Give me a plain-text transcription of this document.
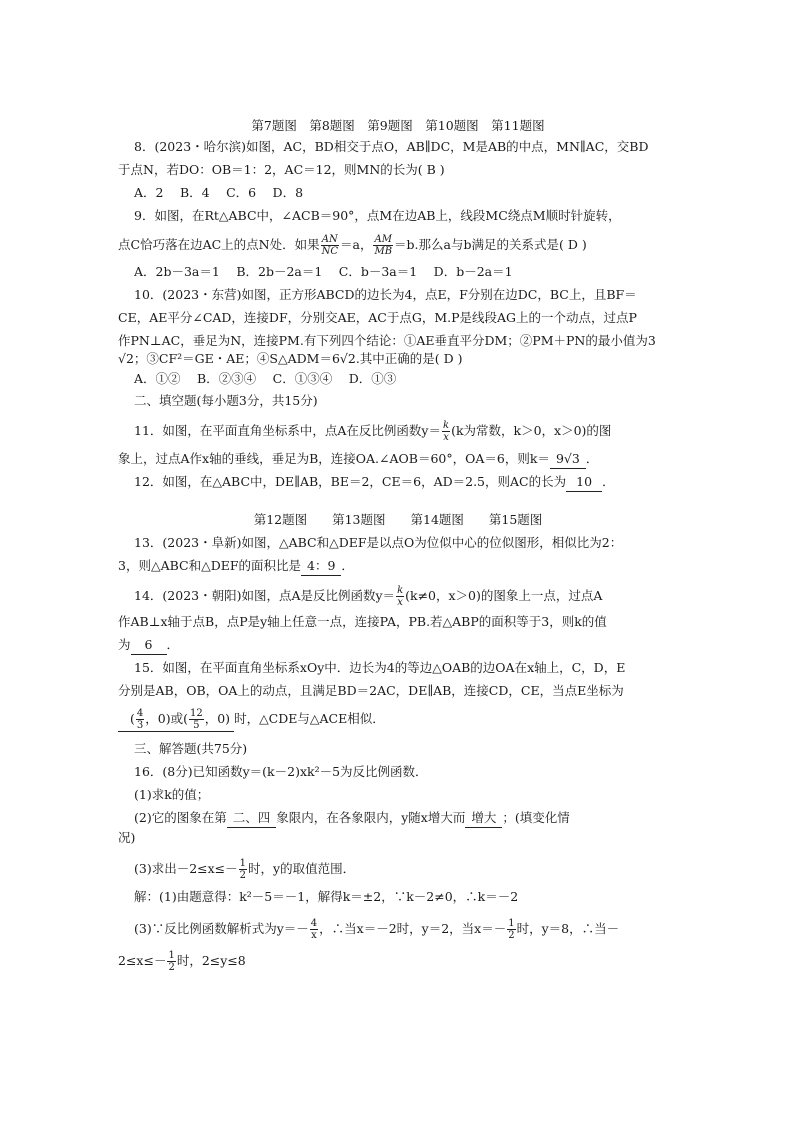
第7题图　第8题图　第9题图　第10题图　第11题图
8．(2023・哈尔滨)如图，AC，BD相交于点O，AB∥DC，M是AB的中点，MN∥AC，交BD
于点N，若DO：OB＝1：2，AC＝12，则MN的长为( B )
A．2　 B．4　 C．6　 D．8
9．如图，在Rt△ABC中，∠ACB＝90°，点M在边AB上，线段MC绕点M顺时针旋转，
点C恰巧落在边AC上的点N处．如果 $\frac{AN}{NC} =a$， $\frac{AM}{MB} =b$.那么a与b满足的关系式是( D )
A．2b－3a＝1　 B．2b－2a＝1　 C．b－3a＝1　 D．b－2a＝1
10．(2023・东营)如图，正方形ABCD的边长为4，点E，F分别在边DC，BC上，且BF＝
CE，AE平分∠CAD，连接DF，分别交AE，AC于点G，M.P是线段AG上的一个动点，过点P
作PN⊥AC，垂足为N，连接PM.有下列四个结论：①AE垂直平分DM；②PM＋PN的最小值为3
√2；③CF²＝GE・AE；④S△ADM＝6√2.其中正确的是( D )
A．①②　 B．②③④　 C．①③④　 D．①③
二、填空题(每小题3分，共15分)
11．如图，在平面直角坐标系中，点A在反比例函数$y= \frac{k}{x} (k$为常数，k＞0，x＞0)的图
象上，过点A作x轴的垂线，垂足为B，连接OA.∠AOB＝60°，OA＝6，则k＝ 9√3 ．
12．如图，在△ABC中，DE∥AB，BE＝2，CE＝6，AD＝2.5，则AC的长为 10 ．
第12题图　　第13题图　　第14题图　　第15题图
13．(2023・阜新)如图，△ABC和△DEF是以点O为位似中心的位似图形，相似比为2：
3，则△ABC和△DEF的面积比是 4：9 ．
14．(2023・朝阳)如图，点A是反比例函数$y= \frac{k}{x} (k\ne 0$，x＞0)的图象上一点，过点A
作AB⊥x轴于点B，点P是y轴上任意一点，连接PA，PB.若△ABP的面积等于3，则k的值
为 6 ．
15．如图，在平面直角坐标系xOy中．边长为4的等边△OAB的边OA在x轴上，C，D，E
分别是AB，OB，OA上的动点，且满足BD＝2AC，DE∥AB，连接CD，CE，当点E坐标为
( $\frac{4}{3}$ ，0)或( $\frac{12}{5}$ ，0) 时，△CDE与△ACE相似．
三、解答题(共75分)
16．(8分)已知函数y＝(k－2)xk²－5为反比例函数．
(1)求k的值；
(2)它的图象在第 二、四 象限内，在各象限内，y随x增大而 增大 ；(填变化情
况)
(3)求出$-2\le x\le- \frac{1}{2}$ 时，y的取值范围．
解：(1)由题意得：k²－5＝－1，解得k＝±2，∵k－2≠0，∴k＝－2
(3)∵反比例函数解析式为$y=- \frac{4}{x}$ ，∴当x＝－2时，y＝2，当$x=- \frac{1}{2}$ 时，y＝8，∴当－
$2\le x\le- \frac{1}{2}$ 时，2≤y≤8
